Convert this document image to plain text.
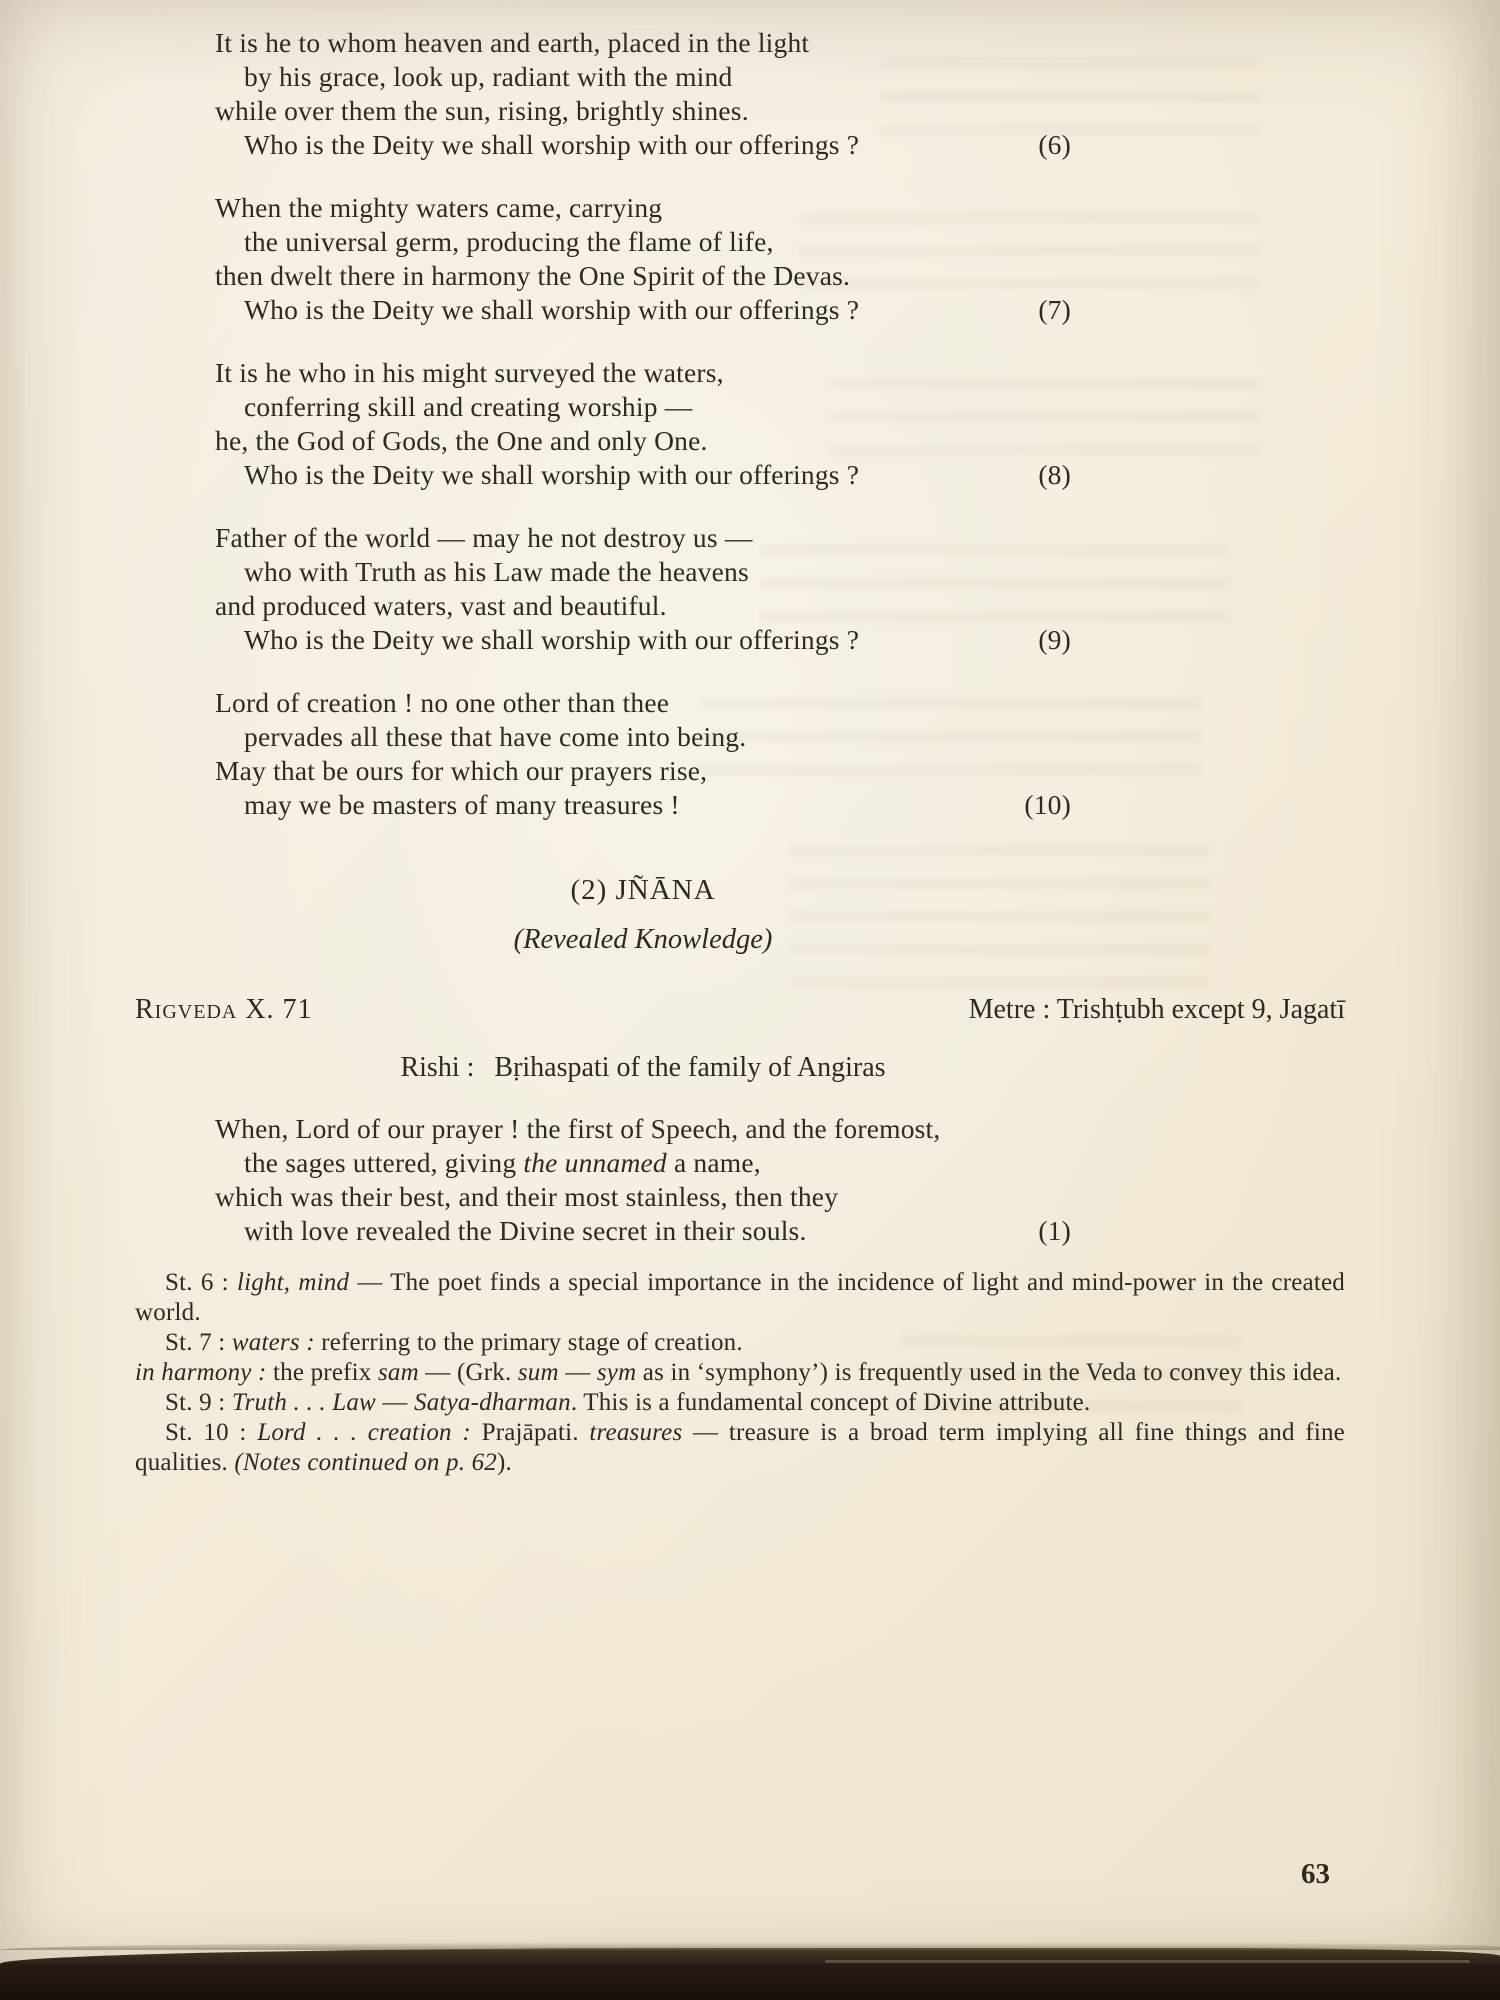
It is he to whom heaven and earth, placed in the light
by his grace, look up, radiant with the mind
while over them the sun, rising, brightly shines.
Who is the Deity we shall worship with our offerings ?	(6)
When the mighty waters came, carrying
the universal germ, producing the flame of life,
then dwelt there in harmony the One Spirit of the Devas.
Who is the Deity we shall worship with our offerings ?	(7)
It is he who in his might surveyed the waters,
conferring skill and creating worship —
he, the God of Gods, the One and only One.
Who is the Deity we shall worship with our offerings ?	(8)
Father of the world — may he not destroy us —
who with Truth as his Law made the heavens
and produced waters, vast and beautiful.
Who is the Deity we shall worship with our offerings ?	(9)
Lord of creation ! no one other than thee
pervades all these that have come into being.
May that be ours for which our prayers rise,
may we be masters of many treasures !	(10)
(2) JÑĀNA
(Revealed Knowledge)
Rigveda X. 71	Metre : Trishṭubh except 9, Jagatī
Rishi : Bṛihaspati of the family of Angiras
When, Lord of our prayer ! the first of Speech, and the foremost,
the sages uttered, giving the unnamed a name,
which was their best, and their most stainless, then they
with love revealed the Divine secret in their souls.	(1)

St. 6 : light, mind — The poet finds a special importance in the incidence of light and mind-power in the created world.

St. 7 : waters : referring to the primary stage of creation.

in harmony : the prefix sam — (Grk. sum — sym as in ‘symphony’) is frequently used in the Veda to convey this idea.

St. 9 : Truth . . . Law — Satya-dharman. This is a fundamental concept of Divine attribute.

St. 10 : Lord . . . creation : Prajāpati. treasures — treasure is a broad term implying all fine things and fine qualities. (Notes continued on p. 62).

63
